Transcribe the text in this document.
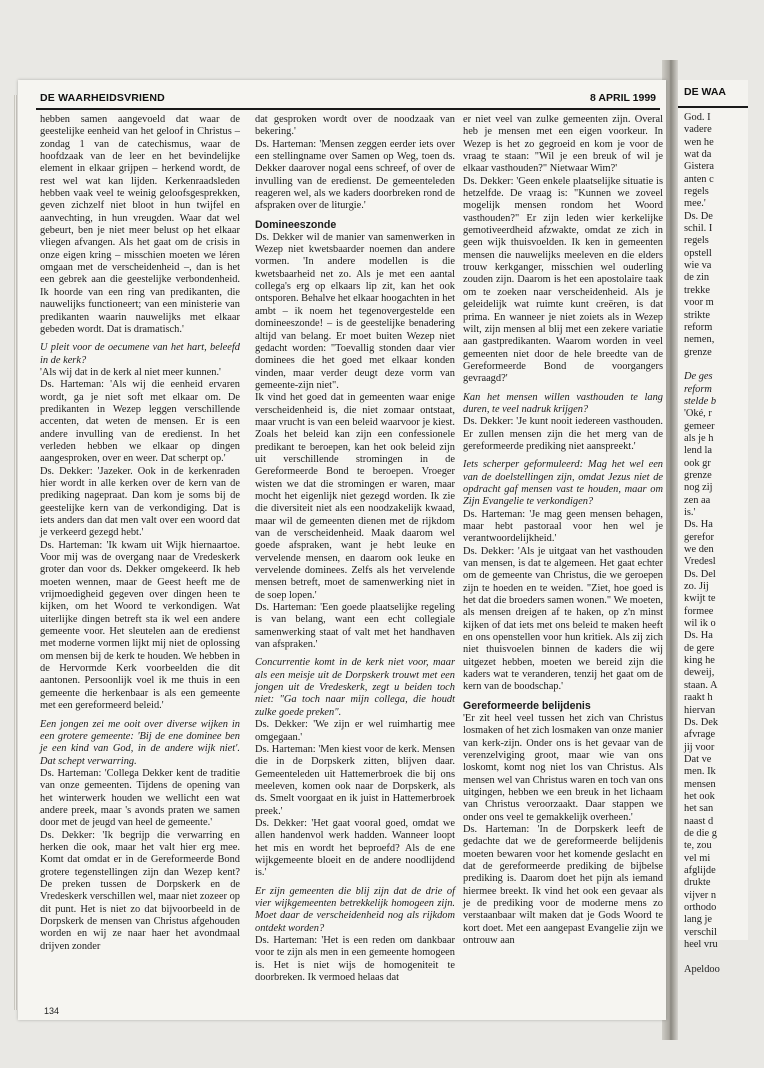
DE WAARHEIDSVRIEND	8 APRIL 1999

hebben samen aangevoeld dat waar de geestelijke eenheid van het geloof in Christus – zondag 1 van de catechismus, waar de hoofdzaak van de leer en het bevindelijke element in elkaar grijpen – herkend wordt, de rest wel wat kan lijden. Kerkenraadsleden hebben vaak veel te weinig geloofsgesprekken, geven zichzelf niet bloot in hun twijfel en aanvechting, in hun vreugden. Waar dat wel gebeurt, ben je niet meer belust op het elkaar vliegen afvangen. Als het gaat om de crisis in onze eigen kring – misschien moeten we léren omgaan met de verscheidenheid –, dan is het een gebrek aan die geestelijke verbondenheid. Ik hoorde van een ring van predikanten, die nauwelijks functioneert; van een ministerie van predikanten waarin nauwelijks met elkaar gebeden wordt. Dat is dramatisch.'

U pleit voor de oecumene van het hart, beleefd in de kerk?

'Als wij dat in de kerk al niet meer kunnen.'

Ds. Harteman: 'Als wij die eenheid ervaren wordt, ga je niet soft met elkaar om. De predikanten in Wezep leggen verschillende accenten, dat weten de mensen. Er is een andere invulling van de eredienst. In het verleden hebben we elkaar op dingen aangesproken, over en weer. Dat scherpt op.'

Ds. Dekker: 'Jazeker. Ook in de kerkenraden hier wordt in alle kerken over de kern van de prediking nagepraat. Dan kom je soms bij de geestelijke kern van de verkondiging. Dat is iets anders dan dat men valt over een woord dat je verkeerd gezegd hebt.'

Ds. Harteman: 'Ik kwam uit Wijk hiernaartoe. Voor mij was de overgang naar de Vredeskerk groter dan voor ds. Dekker omgekeerd. Ik heb moeten wennen, maar de Geest heeft me de vrijmoedigheid gegeven over dingen heen te kijken, om het Woord te verkondigen. Wat uiterlijke dingen betreft sta ik wel een andere gemeente voor. Het sleutelen aan de eredienst met moderne vormen lijkt mij niet de oplossing om mensen bij de kerk te houden. We hebben in de Hervormde Kerk voorbeelden die dit aantonen. Persoonlijk voel ik me thuis in een gemeente die herkenbaar is als een gemeente met een gereformeerd beleid.'

Een jongen zei me ooit over diverse wijken in een grotere gemeente: 'Bij de ene dominee ben je een kind van God, in de andere wijk niet'. Dat schept verwarring.

Ds. Harteman: 'Collega Dekker kent de traditie van onze gemeenten. Tijdens de opening van het winterwerk houden we wellicht een wat andere preek, maar 's avonds praten we samen door met de jeugd van heel de gemeente.'

Ds. Dekker: 'Ik begrijp die verwarring en herken die ook, maar het valt hier erg mee. Komt dat omdat er in de Gereformeerde Bond grotere tegenstellingen zijn dan Wezep kent? De preken tussen de Dorpskerk en de Vredeskerk verschillen wel, maar niet zozeer op dit punt. Het is niet zo dat bijvoorbeeld in de Dorpskerk de mensen van Christus afgehouden worden en wij ze naar haer het avondmaal drijven zonder

dat gesproken wordt over de noodzaak van bekering.'

Ds. Harteman: 'Mensen zeggen eerder iets over een stellingname over Samen op Weg, toen ds. Dekker daarover nogal eens schreef, of over de invulling van de eredienst. De gemeenteleden reageren wel, als we kaders doorbreken rond de afspraken over de liturgie.'

Domineeszonde

Ds. Dekker wil de manier van samenwerken in Wezep niet kwetsbaarder noemen dan andere vormen. 'In andere modellen is die kwetsbaarheid net zo. Als je met een aantal collega's erg op elkaars lip zit, kan het ook ontsporen. Behalve het elkaar hoogachten in het ambt – ik noem het tegenovergestelde een domineeszonde! – is de geestelijke benadering altijd van belang. Er moet buiten Wezep niet gedacht worden: "Toevallig stonden daar vier dominees die het goed met elkaar konden vinden, maar verder deugt deze vorm van gemeente-zijn niet".

Ik vind het goed dat in gemeenten waar enige verscheidenheid is, die niet zomaar ontstaat, maar vrucht is van een beleid waarvoor je kiest. Zoals het beleid kan zijn een confessionele predikant te beroepen, kan het ook beleid zijn uit verschillende stromingen in de Gereformeerde Bond te beroepen. Vroeger wisten we dat die stromingen er waren, maar mocht het eigenlijk niet gezegd worden. Ik zie die diversiteit niet als een noodzakelijk kwaad, maar wil de gemeenten dienen met de rijkdom van de verscheidenheid. Maak daarom wel goede afspraken, want je hebt leuke en vervelende mensen, en daarom ook leuke en vervelende dominees. Zelfs als het vervelende mensen betreft, moet de samenwerking niet in de soep lopen.'

Ds. Harteman: 'Een goede plaatselijke regeling is van belang, want een echt collegiale samenwerking staat of valt met het handhaven van afspraken.'

Concurrentie komt in de kerk niet voor, maar als een meisje uit de Dorpskerk trouwt met een jongen uit de Vredeskerk, zegt u beiden toch niet: "Ga toch naar mijn collega, die houdt zulke goede preken".

Ds. Dekker: 'We zijn er wel ruimhartig mee omgegaan.'

Ds. Harteman: 'Men kiest voor de kerk. Mensen die in de Dorpskerk zitten, blijven daar. Gemeenteleden uit Hattemerbroek die bij ons meeleven, komen ook naar de Dorpskerk, als ds. Smelt voorgaat en ik juist in Hattemerbroek preek.'

Ds. Dekker: 'Het gaat vooral goed, omdat we allen handenvol werk hadden. Wanneer loopt het mis en wordt het beproefd? Als de ene wijkgemeente bloeit en de andere noodlijdend is.'

Er zijn gemeenten die blij zijn dat de drie of vier wijkgemeenten betrekkelijk homogeen zijn. Moet daar de verscheidenheid nog als rijkdom ontdekt worden?

Ds. Harteman: 'Het is een reden om dankbaar voor te zijn als men in een gemeente homogeen is. Het is niet wijs de homogeniteit te doorbreken. Ik vermoed helaas dat

er niet veel van zulke gemeenten zijn. Overal heb je mensen met een eigen voorkeur. In Wezep is het zo gegroeid en kom je voor de vraag te staan: "Wil je een breuk of wil je elkaar vasthouden?" Nietwaar Wim?'

Ds. Dekker: 'Geen enkele plaatselijke situatie is hetzelfde. De vraag is: "Kunnen we zoveel mogelijk mensen rondom het Woord vasthouden?" Er zijn leden wier kerkelijke gemotiveerdheid afzwakte, omdat ze zich in geen wijk thuisvoelden. Ik ken in gemeenten mensen die nauwelijks meeleven en die elders trouw kerkganger, misschien wel ouderling zouden zijn. Daarom is het een apostolaire taak om te zoeken naar verscheidenheid. Als je geleidelijk wat ruimte kunt creëren, is dat prima. En wanneer je niet zoiets als in Wezep wilt, zijn mensen al blij met een zekere variatie aan gastpredikanten. Waarom worden in veel gemeenten niet door de hele breedte van de Gereformeerde Bond de voorgangers gevraagd?'

Kan het mensen willen vasthouden te lang duren, te veel nadruk krijgen?

Ds. Dekker: 'Je kunt nooit iedereen vasthouden. Er zullen mensen zijn die het merg van de gereformeerde prediking niet aanspreekt.'

Iets scherper geformuleerd: Mag het wel een van de doelstellingen zijn, omdat Jezus niet de opdracht gaf mensen vast te houden, maar om Zijn Evangelie te verkondigen?

Ds. Harteman: 'Je mag geen mensen behagen, maar hebt pastoraal voor hen wel je verantwoordelijkheid.'

Ds. Dekker: 'Als je uitgaat van het vasthouden van mensen, is dat te algemeen. Het gaat echter om de gemeente van Christus, die we geroepen zijn te hoeden en te weiden. "Ziet, hoe goed is het dat die broeders samen wonen." We moeten, als mensen dreigen af te haken, op z'n minst kijken of dat iets met ons beleid te maken heeft en ons openstellen voor hun kritiek. Als zij zich niet thuisvoelen binnen de kaders die wij uitgezet hebben, moeten we bereid zijn die kaders wat te veranderen, tenzij het gaat om de kern van de boodschap.'

Gereformeerde belijdenis

'Er zit heel veel tussen het zich van Christus losmaken of het zich losmaken van onze manier van kerk-zijn. Onder ons is het gevaar van de verenzelviging groot, maar wie van ons loskomt, komt nog niet los van Christus. Als mensen wel van Christus waren en toch van ons uitgingen, hebben we een breuk in het lichaam van Christus veroorzaakt. Daar stappen we onder ons veel te gemakkelijk overheen.'

Ds. Harteman: 'In de Dorpskerk leeft de gedachte dat we de gereformeerde belijdenis moeten bewaren voor het komende geslacht en dat de gereformeerde prediking de bijbelse prediking is. Daarom doet het pijn als iemand hiermee breekt. Ik vind het ook een gevaar als je de prediking voor de moderne mens zo verstaanbaar wilt maken dat je Gods Woord te kort doet. Met een aangepast Evangelie zijn we ontrouw aan

134
DE WAA
God. I
vadere
wen he
wat da
Gistera
anten c
regels
mee.'
Ds. De
schil. I
regels
opstell
wie va
de zin
trekke
voor m
strikte
reform
nemen,
grenze
De ges
reform
stelde b
'Oké, r
gemeer
als je h
lend la
ook gr
grenze
nog zij
zen aa
is.'
Ds. Ha
gerefor
we den
Vredesl
Ds. Del
zo. Jij
kwijt te
formee
wil ik o
Ds. Ha
de gere
king he
deweij,
staan. A
raakt h
hiervan
Ds. Dek
afvrage
jij voor
Dat ve
men. Ik
mensen
het ook
het san
naast d
de die g
te, zou
vel mi
afglijde
drukte
vijver n
orthodo
lang je
verschil
heel vru
Apeldoo
